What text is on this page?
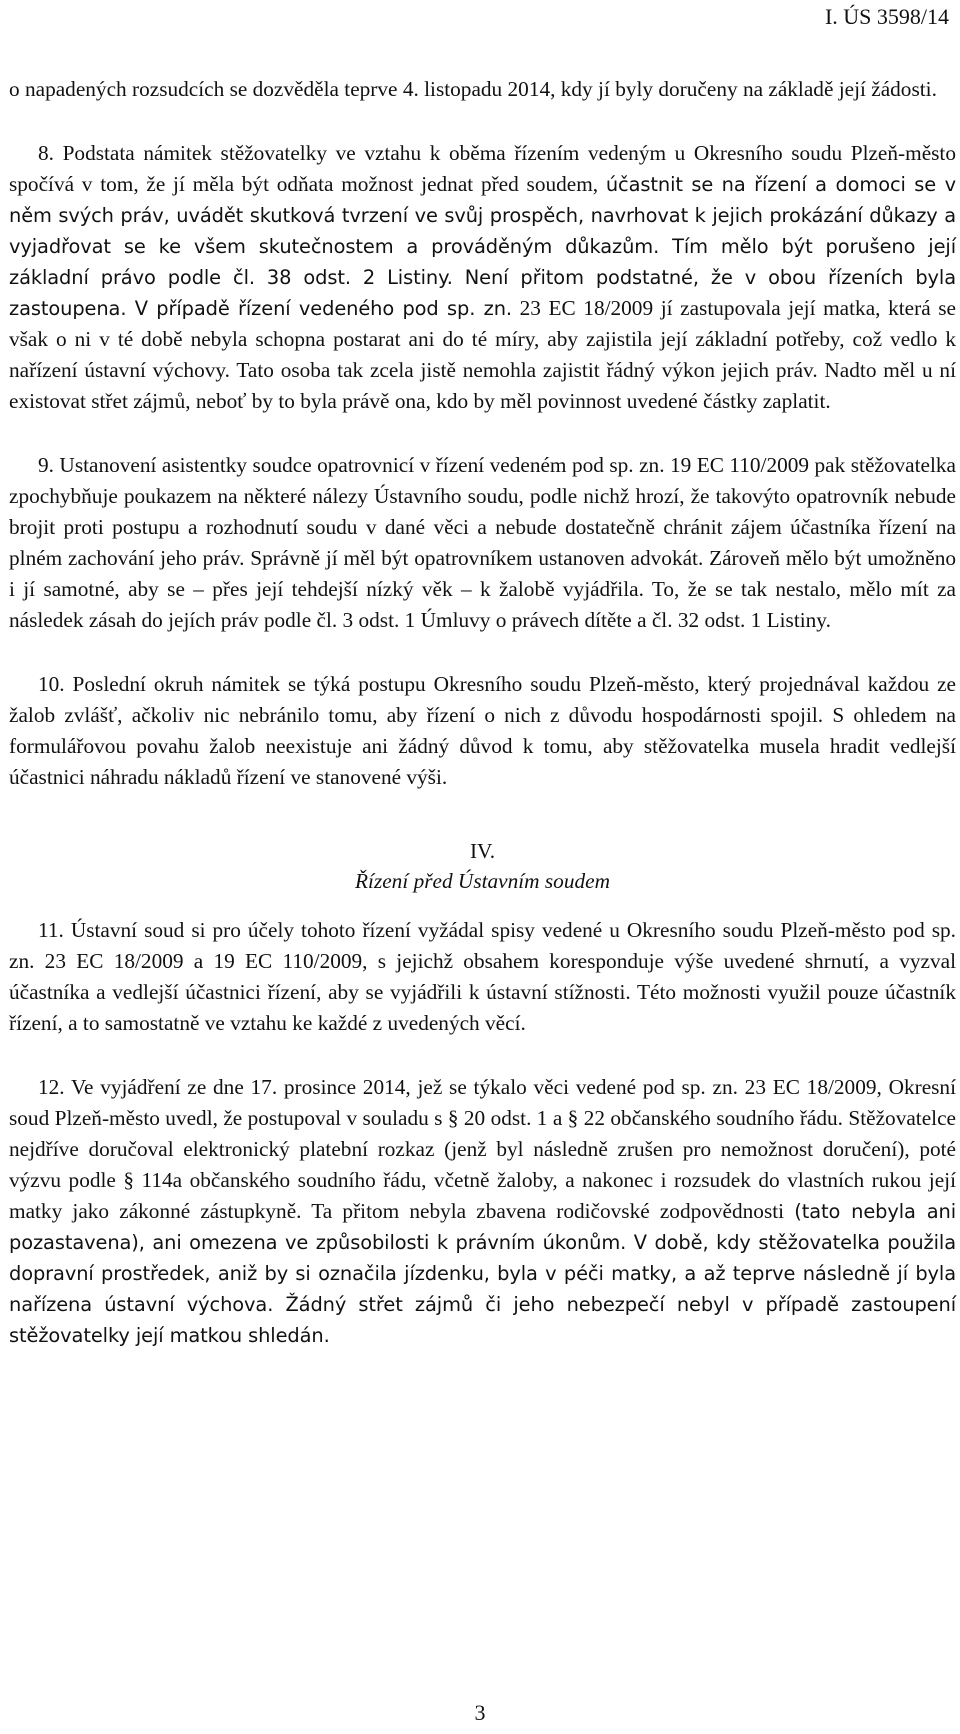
I. ÚS 3598/14

o napadených rozsudcích se dozvěděla teprve 4. listopadu 2014, kdy jí byly doručeny na základě její žádosti.

8. Podstata námitek stěžovatelky ve vztahu k oběma řízením vedeným u Okresního soudu Plzeň-město spočívá v tom, že jí měla být odňata možnost jednat před soudem, účastnit se na řízení a domoci se v něm svých práv, uvádět skutková tvrzení ve svůj prospěch, navrhovat k jejich prokázání důkazy a vyjadřovat se ke všem skutečnostem a prováděným důkazům. Tím mělo být porušeno její základní právo podle čl. 38 odst. 2 Listiny. Není přitom podstatné, že v obou řízeních byla zastoupena. V případě řízení vedeného pod sp. zn. 23 EC 18/2009 jí zastupovala její matka, která se však o ni v té době nebyla schopna postarat ani do té míry, aby zajistila její základní potřeby, což vedlo k nařízení ústavní výchovy. Tato osoba tak zcela jistě nemohla zajistit řádný výkon jejich práv. Nadto měl u ní existovat střet zájmů, neboť by to byla právě ona, kdo by měl povinnost uvedené částky zaplatit.

9. Ustanovení asistentky soudce opatrovnicí v řízení vedeném pod sp. zn. 19 EC 110/2009 pak stěžovatelka zpochybňuje poukazem na některé nálezy Ústavního soudu, podle nichž hrozí, že takovýto opatrovník nebude brojit proti postupu a rozhodnutí soudu v dané věci a nebude dostatečně chránit zájem účastníka řízení na plném zachování jeho práv. Správně jí měl být opatrovníkem ustanoven advokát. Zároveň mělo být umožněno i jí samotné, aby se – přes její tehdejší nízký věk – k žalobě vyjádřila. To, že se tak nestalo, mělo mít za následek zásah do jejích práv podle čl. 3 odst. 1 Úmluvy o právech dítěte a čl. 32 odst. 1 Listiny.

10. Poslední okruh námitek se týká postupu Okresního soudu Plzeň-město, který projednával každou ze žalob zvlášť, ačkoliv nic nebránilo tomu, aby řízení o nich z důvodu hospodárnosti spojil. S ohledem na formulářovou povahu žalob neexistuje ani žádný důvod k tomu, aby stěžovatelka musela hradit vedlejší účastnici náhradu nákladů řízení ve stanovené výši.

IV.
Řízení před Ústavním soudem

11. Ústavní soud si pro účely tohoto řízení vyžádal spisy vedené u Okresního soudu Plzeň-město pod sp. zn. 23 EC 18/2009 a 19 EC 110/2009, s jejichž obsahem koresponduje výše uvedené shrnutí, a vyzval účastníka a vedlejší účastnici řízení, aby se vyjádřili k ústavní stížnosti. Této možnosti využil pouze účastník řízení, a to samostatně ve vztahu ke každé z uvedených věcí.

12. Ve vyjádření ze dne 17. prosince 2014, jež se týkalo věci vedené pod sp. zn. 23 EC 18/2009, Okresní soud Plzeň-město uvedl, že postupoval v souladu s § 20 odst. 1 a § 22 občanského soudního řádu. Stěžovatelce nejdříve doručoval elektronický platební rozkaz (jenž byl následně zrušen pro nemožnost doručení), poté výzvu podle § 114a občanského soudního řádu, včetně žaloby, a nakonec i rozsudek do vlastních rukou její matky jako zákonné zástupkyně. Ta přitom nebyla zbavena rodičovské zodpovědnosti (tato nebyla ani pozastavena), ani omezena ve způsobilosti k právním úkonům. V době, kdy stěžovatelka použila dopravní prostředek, aniž by si označila jízdenku, byla v péči matky, a až teprve následně jí byla nařízena ústavní výchova. Žádný střet zájmů či jeho nebezpečí nebyl v případě zastoupení stěžovatelky její matkou shledán.

3
